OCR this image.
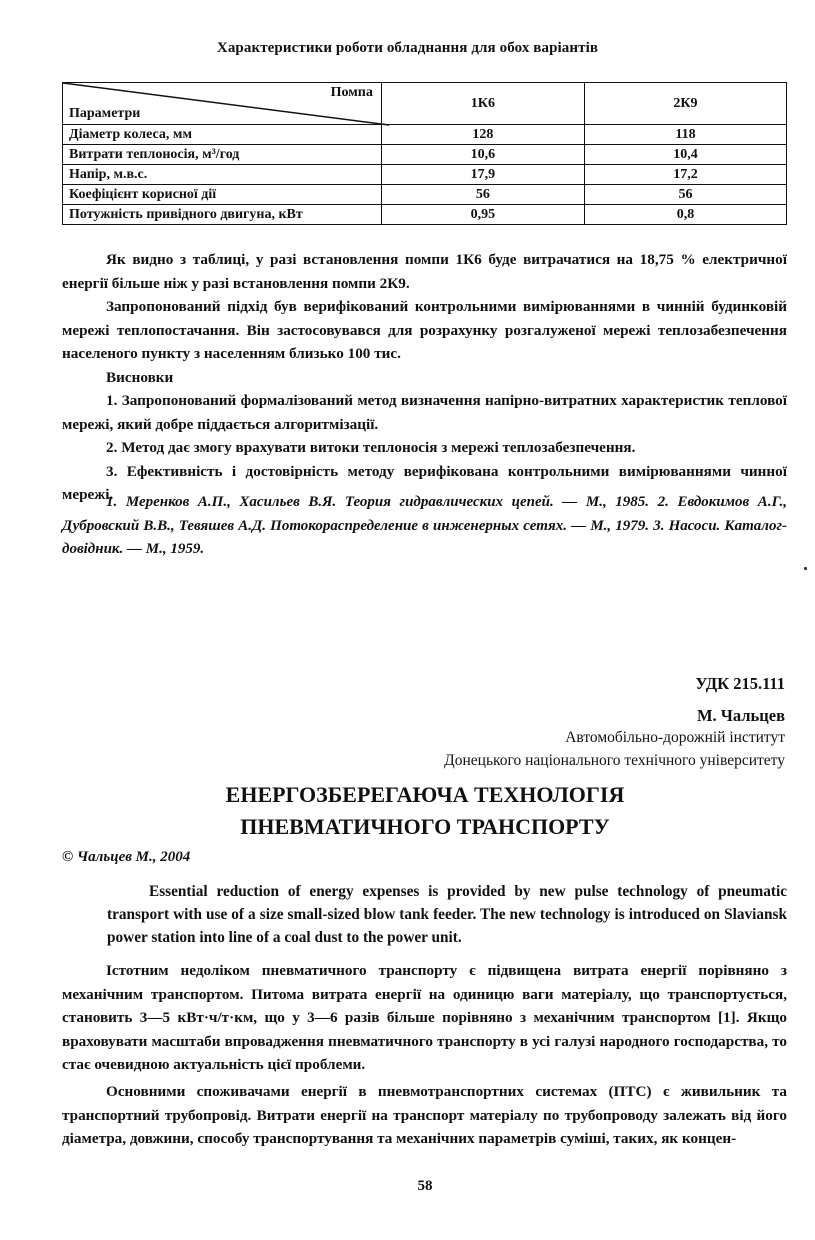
Характеристики роботи обладнання для обох варіантів
Помпа
Параметри	1К6	2К9
Діаметр колеса, мм	128	118
Витрати теплоносія, м³/год	10,6	10,4
Напір, м.в.с.	17,9	17,2
Коефіцієнт корисної дії	56	56
Потужність привідного двигуна, кВт	0,95	0,8

Як видно з таблиці, у разі встановлення помпи 1К6 буде витрачатися на 18,75 % електричної енергії більше ніж у разі встановлення помпи 2К9.

Запропонований підхід був верифікований контрольними вимірюваннями в чинній будинковій мережі теплопостачання. Він застосовувався для розрахунку розгалуженої мережі теплозабезпечення населеного пункту з населенням близько 100 тис.

Висновки

1. Запропонований формалізований метод визначення напірно-витратних характеристик теплової мережі, який добре піддається алгоритмізації.

2. Метод дає змогу врахувати витоки теплоносія з мережі теплозабезпечення.

3. Ефективність і достовірність методу верифікована контрольними вимірюваннями чинної мережі.

1. Меренков А.П., Хасильев В.Я. Теория гидравлических цепей. — М., 1985. 2. Евдокимов А.Г., Дубровский В.В., Тевяшев А.Д. Потокораспределение в инженерных сетях. — М., 1979. 3. Насоси. Каталог-довідник. — М., 1959.

УДК 215.111
М. Чальцев
Автомобільно-дорожній інститут
Донецького національного технічного університету
ЕНЕРГОЗБЕРЕГАЮЧА ТЕХНОЛОГІЯ
ПНЕВМАТИЧНОГО ТРАНСПОРТУ
© Чальцев М., 2004

Essential reduction of energy expenses is provided by new pulse technology of pneumatic transport with use of a size small-sized blow tank feeder. The new technology is introduced on Slaviansk power station into line of a coal dust to the power unit.

Істотним недоліком пневматичного транспорту є підвищена витрата енергії порівняно з механічним транспортом. Питома витрата енергії на одиницю ваги матеріалу, що транспортується, становить 3—5 кВт·ч/т·км, що у 3—6 разів більше порівняно з механічним транспортом [1]. Якщо враховувати масштаби впровадження пневматичного транспорту в усі галузі народного господарства, то стає очевидною актуальність цієї проблеми.

Основними споживачами енергії в пневмотранспортних системах (ПТС) є живильник та транспортний трубопровід. Витрати енергії на транспорт матеріалу по трубопроводу залежать від його діаметра, довжини, способу транспортування та механічних параметрів суміші, таких, як концен-

58
